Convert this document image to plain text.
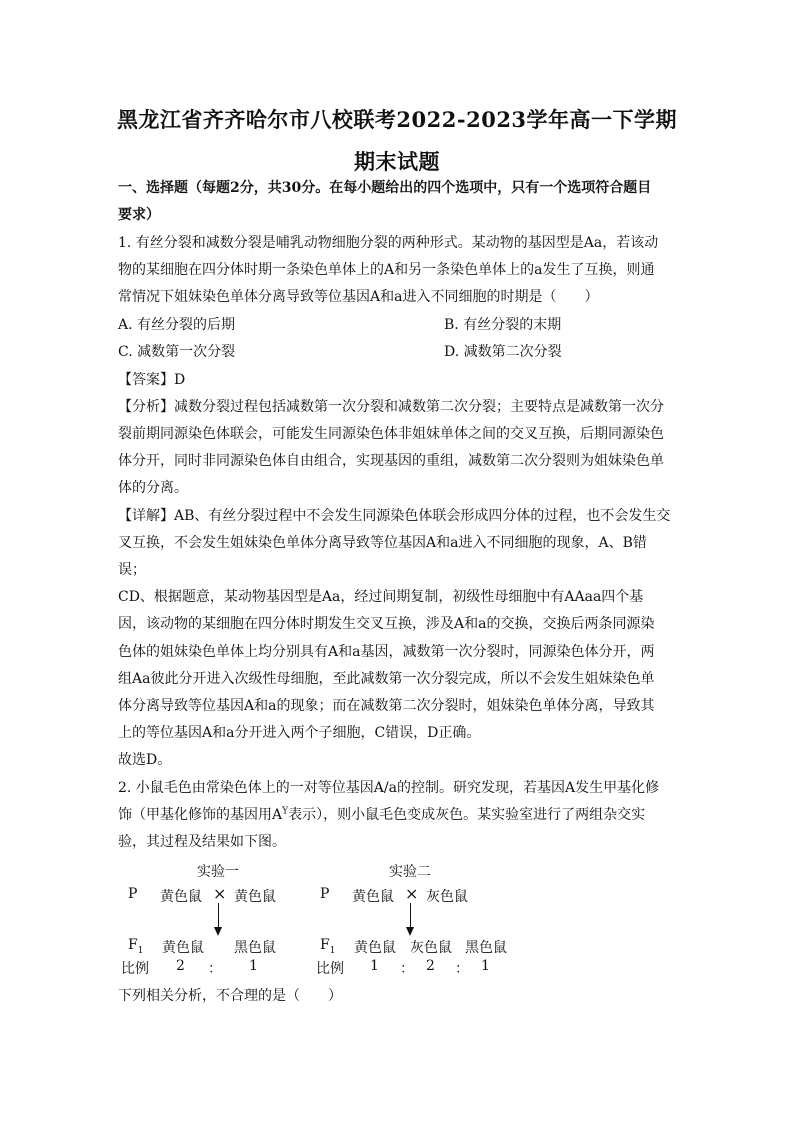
黑龙江省齐齐哈尔市八校联考2022-2023学年高一下学期
期末试题
一、选择题（每题2分，共30分。在每小题给出的四个选项中，只有一个选项符合题目
要求）
1. 有丝分裂和减数分裂是哺乳动物细胞分裂的两种形式。某动物的基因型是Aa，若该动
物的某细胞在四分体时期一条染色单体上的A和另一条染色单体上的a发生了互换，则通
常情况下姐妹染色单体分离导致等位基因A和a进入不同细胞的时期是（　　）
A. 有丝分裂的后期	B. 有丝分裂的末期
C. 减数第一次分裂	D. 减数第二次分裂
【答案】D
【分析】减数分裂过程包括减数第一次分裂和减数第二次分裂；主要特点是减数第一次分
裂前期同源染色体联会，可能发生同源染色体非姐妹单体之间的交叉互换，后期同源染色
体分开，同时非同源染色体自由组合，实现基因的重组，减数第二次分裂则为姐妹染色单
体的分离。
【详解】AB、有丝分裂过程中不会发生同源染色体联会形成四分体的过程，也不会发生交
叉互换，不会发生姐妹染色单体分离导致等位基因A和a进入不同细胞的现象，A、B错
误；
CD、根据题意，某动物基因型是Aa，经过间期复制，初级性母细胞中有AAaa四个基
因，该动物的某细胞在四分体时期发生交叉互换，涉及A和a的交换，交换后两条同源染
色体的姐妹染色单体上均分别具有A和a基因，减数第一次分裂时，同源染色体分开，两
组Aa彼此分开进入次级性母细胞，至此减数第一次分裂完成，所以不会发生姐妹染色单
体分离导致等位基因A和a的现象；而在减数第二次分裂时，姐妹染色单体分离，导致其
上的等位基因A和a分开进入两个子细胞，C错误，D正确。
故选D。
2. 小鼠毛色由常染色体上的一对等位基因A/a的控制。研究发现，若基因A发生甲基化修
饰（甲基化修饰的基因用$A^Y$表示），则小鼠毛色变成灰色。某实验室进行了两组杂交实
验，其过程及结果如下图。
实验一
P 黄色鼠 × 黄色鼠
$F_1$ 黄色鼠 黑色鼠
比例 2 ： 1
实验二
P 黄色鼠 × 灰色鼠
$F_1$ 黄色鼠 灰色鼠 黑色鼠
比例 1 ： 2 ： 1
下列相关分析，不合理的是（　　）
